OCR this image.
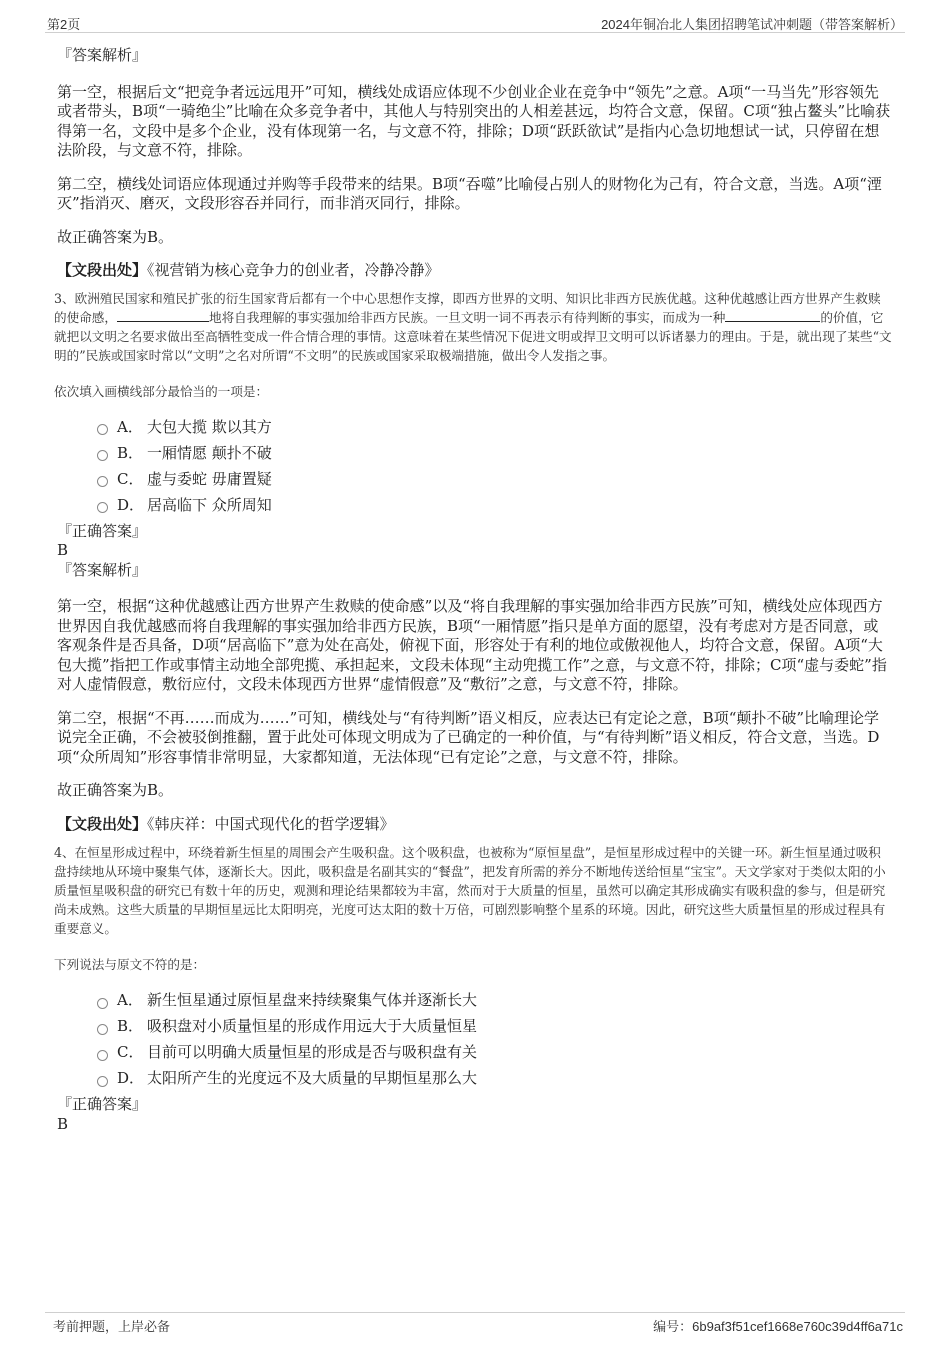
第2页	2024年铜冶北人集团招聘笔试冲刺题（带答案解析）
『答案解析』

第一空，根据后文“把竞争者远远甩开”可知，横线处成语应体现不少创业企业在竞争中“领先”之意。A项“一马当先”形容领先或者带头，B项“一骑绝尘”比喻在众多竞争者中，其他人与特别突出的人相差甚远，均符合文意，保留。C项“独占鳌头”比喻获得第一名，文段中是多个企业，没有体现第一名，与文意不符，排除；D项“跃跃欲试”是指内心急切地想试一试，只停留在想法阶段，与文意不符，排除。

第二空，横线处词语应体现通过并购等手段带来的结果。B项“吞噬”比喻侵占别人的财物化为己有，符合文意，当选。A项“湮灭”指消灭、磨灭，文段形容吞并同行，而非消灭同行，排除。

故正确答案为B。

【文段出处】《视营销为核心竞争力的创业者，冷静冷静》

3、欧洲殖民国家和殖民扩张的衍生国家背后都有一个中心思想作支撑，即西方世界的文明、知识比非西方民族优越。这种优越感让西方世界产生救赎的使命感，	地将自我理解的事实强加给非西方民族。一旦文明一词不再表示有待判断的事实，而成为一种	的价值，它就把以文明之名要求做出至高牺牲变成一件合情合理的事情。这意味着在某些情况下促进文明或捍卫文明可以诉诸暴力的理由。于是，就出现了某些“文明的”民族或国家时常以“文明”之名对所谓“不文明”的民族或国家采取极端措施，做出令人发指之事。

依次填入画横线部分最恰当的一项是：

A． 大包大揽 欺以其方
B． 一厢情愿 颠扑不破
C． 虚与委蛇 毋庸置疑
D． 居高临下 众所周知
『正确答案』
B
『答案解析』

第一空，根据“这种优越感让西方世界产生救赎的使命感”以及“将自我理解的事实强加给非西方民族”可知，横线处应体现西方世界因自我优越感而将自我理解的事实强加给非西方民族，B项“一厢情愿”指只是单方面的愿望，没有考虑对方是否同意，或客观条件是否具备，D项“居高临下”意为处在高处，俯视下面，形容处于有利的地位或傲视他人，均符合文意，保留。A项“大包大揽”指把工作或事情主动地全部兜揽、承担起来，文段未体现“主动兜揽工作”之意，与文意不符，排除；C项“虚与委蛇”指对人虚情假意，敷衍应付，文段未体现西方世界“虚情假意”及“敷衍”之意，与文意不符，排除。

第二空，根据“不再……而成为……”可知，横线处与“有待判断”语义相反，应表达已有定论之意，B项“颠扑不破”比喻理论学说完全正确，不会被驳倒推翻，置于此处可体现文明成为了已确定的一种价值，与“有待判断”语义相反，符合文意，当选。D项“众所周知”形容事情非常明显，大家都知道，无法体现“已有定论”之意，与文意不符，排除。

故正确答案为B。

【文段出处】《韩庆祥：中国式现代化的哲学逻辑》

4、在恒星形成过程中，环绕着新生恒星的周围会产生吸积盘。这个吸积盘，也被称为“原恒星盘”，是恒星形成过程中的关键一环。新生恒星通过吸积盘持续地从环境中聚集气体，逐渐长大。因此，吸积盘是名副其实的“餐盘”，把发育所需的养分不断地传送给恒星“宝宝”。天文学家对于类似太阳的小质量恒星吸积盘的研究已有数十年的历史，观测和理论结果都较为丰富，然而对于大质量的恒星，虽然可以确定其形成确实有吸积盘的参与，但是研究尚未成熟。这些大质量的早期恒星远比太阳明亮，光度可达太阳的数十万倍，可剧烈影响整个星系的环境。因此，研究这些大质量恒星的形成过程具有重要意义。

下列说法与原文不符的是：

A． 新生恒星通过原恒星盘来持续聚集气体并逐渐长大
B． 吸积盘对小质量恒星的形成作用远大于大质量恒星
C． 目前可以明确大质量恒星的形成是否与吸积盘有关
D． 太阳所产生的光度远不及大质量的早期恒星那么大
『正确答案』
B
考前押题，上岸必备	编号：6b9af3f51cef1668e760c39d4ff6a71c
